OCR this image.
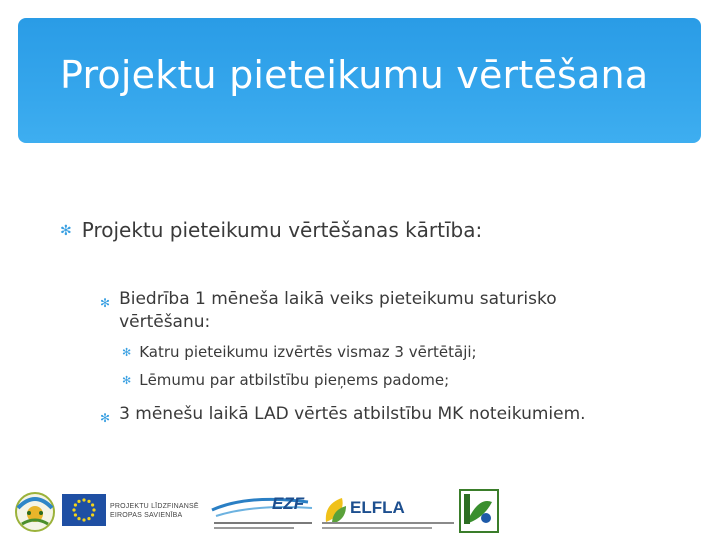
Projektu pieteikumu vērtēšana
✻ Projektu pieteikumu vērtēšanas kārtība:
✻ Biedrība 1 mēneša laikā veiks pieteikumu saturisko vērtēšanu:
✻ Katru pieteikumu izvērtēs vismaz 3 vērtētāji;
✻ Lēmumu par atbilstību pieņems padome;
✻ 3 mēnešu laikā LAD vērtēs atbilstību MK noteikumiem.
PROJEKTU LĪDZFINANSĒ
EIROPAS SAVIENĪBA
EZF	ELFLA
